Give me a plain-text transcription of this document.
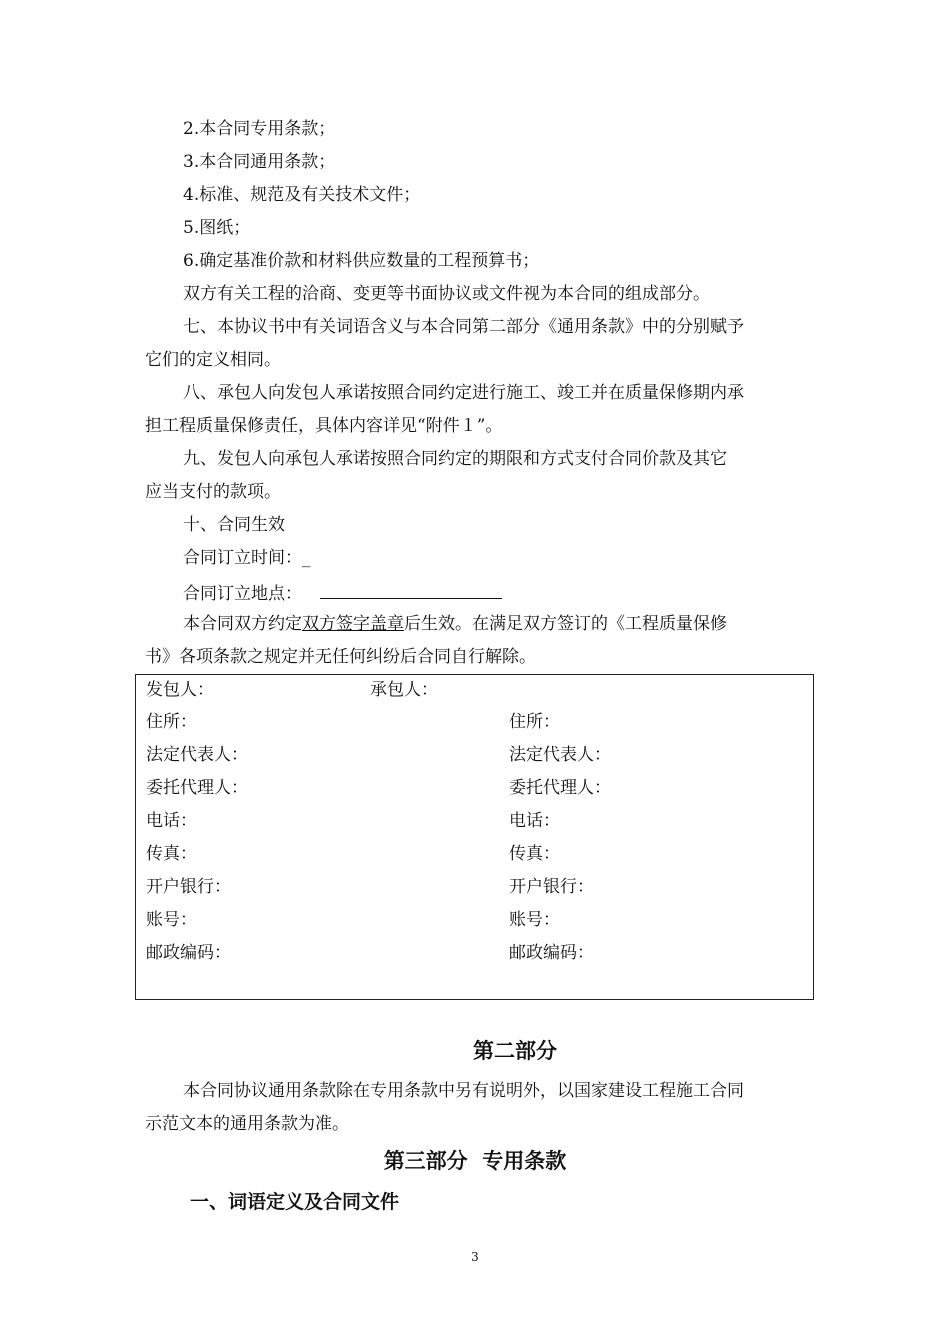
2.本合同专用条款；
3.本合同通用条款；
4.标准、规范及有关技术文件；
5.图纸；
6.确定基准价款和材料供应数量的工程预算书；
双方有关工程的洽商、变更等书面协议或文件视为本合同的组成部分。
七、本协议书中有关词语含义与本合同第二部分《通用条款》中的分别赋予
它们的定义相同。
八、承包人向发包人承诺按照合同约定进行施工、竣工并在质量保修期内承
担工程质量保修责任，具体内容详见“附件１”。
九、发包人向承包人承诺按照合同约定的期限和方式支付合同价款及其它
应当支付的款项。
十、合同生效
合同订立时间：_
合同订立地点：
本合同双方约定双方签字盖章后生效。在满足双方签订的《工程质量保修
书》各项条款之规定并无任何纠纷后合同自行解除。
发包人：	承包人：
住所：	住所：
法定代表人：	法定代表人：
委托代理人：	委托代理人：
电话：	电话：
传真：	传真：
开户银行：	开户银行：
账号：	账号：
邮政编码：	邮政编码：
第二部分
本合同协议通用条款除在专用条款中另有说明外，以国家建设工程施工合同
示范文本的通用条款为准。
第三部分  专用条款
一、词语定义及合同文件
3
